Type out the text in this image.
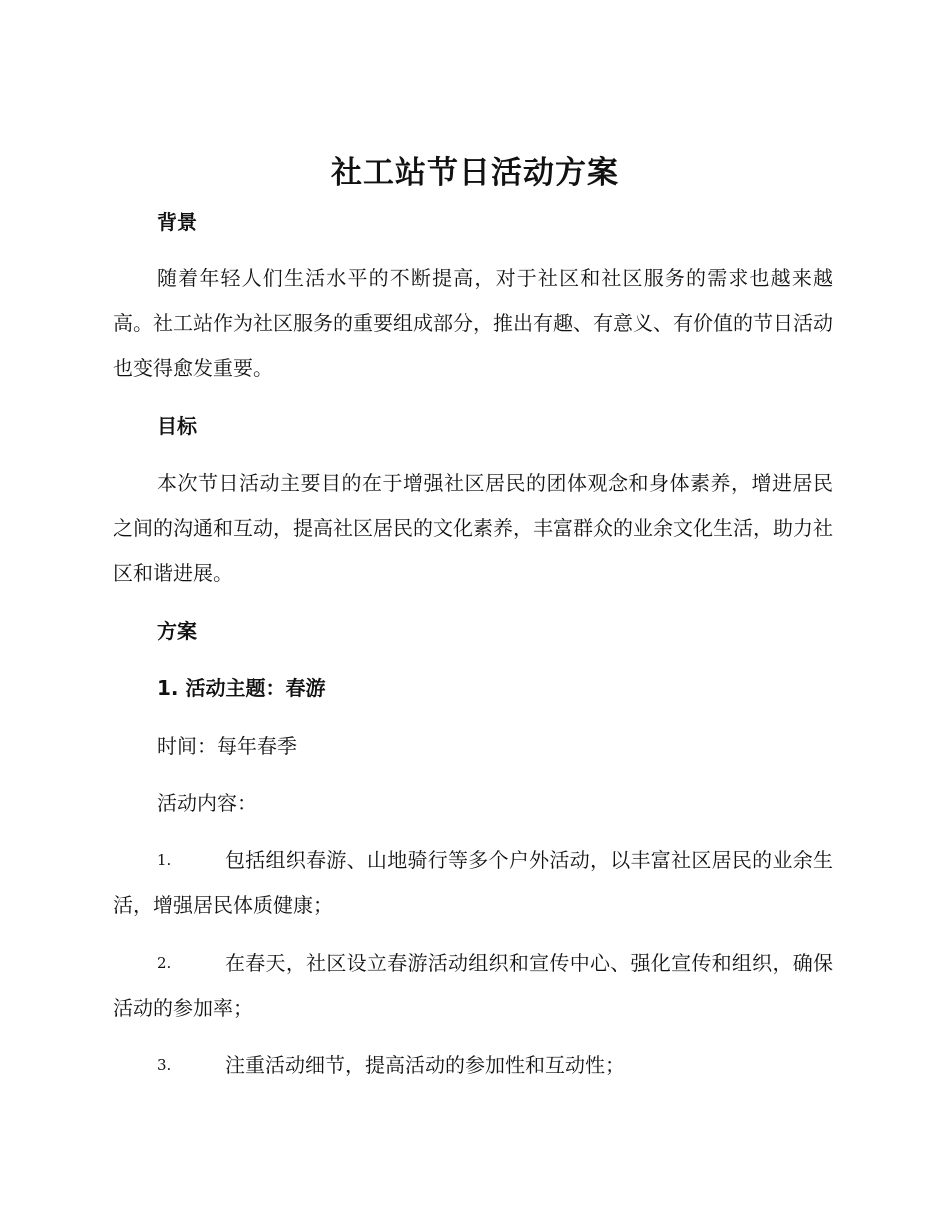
社工站节日活动方案
背景
随着年轻人们生活水平的不断提高，对于社区和社区服务的需求也越来越高。社工站作为社区服务的重要组成部分，推出有趣、有意义、有价值的节日活动也变得愈发重要。
目标
本次节日活动主要目的在于增强社区居民的团体观念和身体素养，增进居民之间的沟通和互动，提高社区居民的文化素养，丰富群众的业余文化生活，助力社区和谐进展。
方案
1. 活动主题：春游
时间：每年春季
活动内容：
1.	包括组织春游、山地骑行等多个户外活动，以丰富社区居民的业余生活，增强居民体质健康；
2.	在春天，社区设立春游活动组织和宣传中心、强化宣传和组织，确保活动的参加率；
3.	注重活动细节，提高活动的参加性和互动性；
